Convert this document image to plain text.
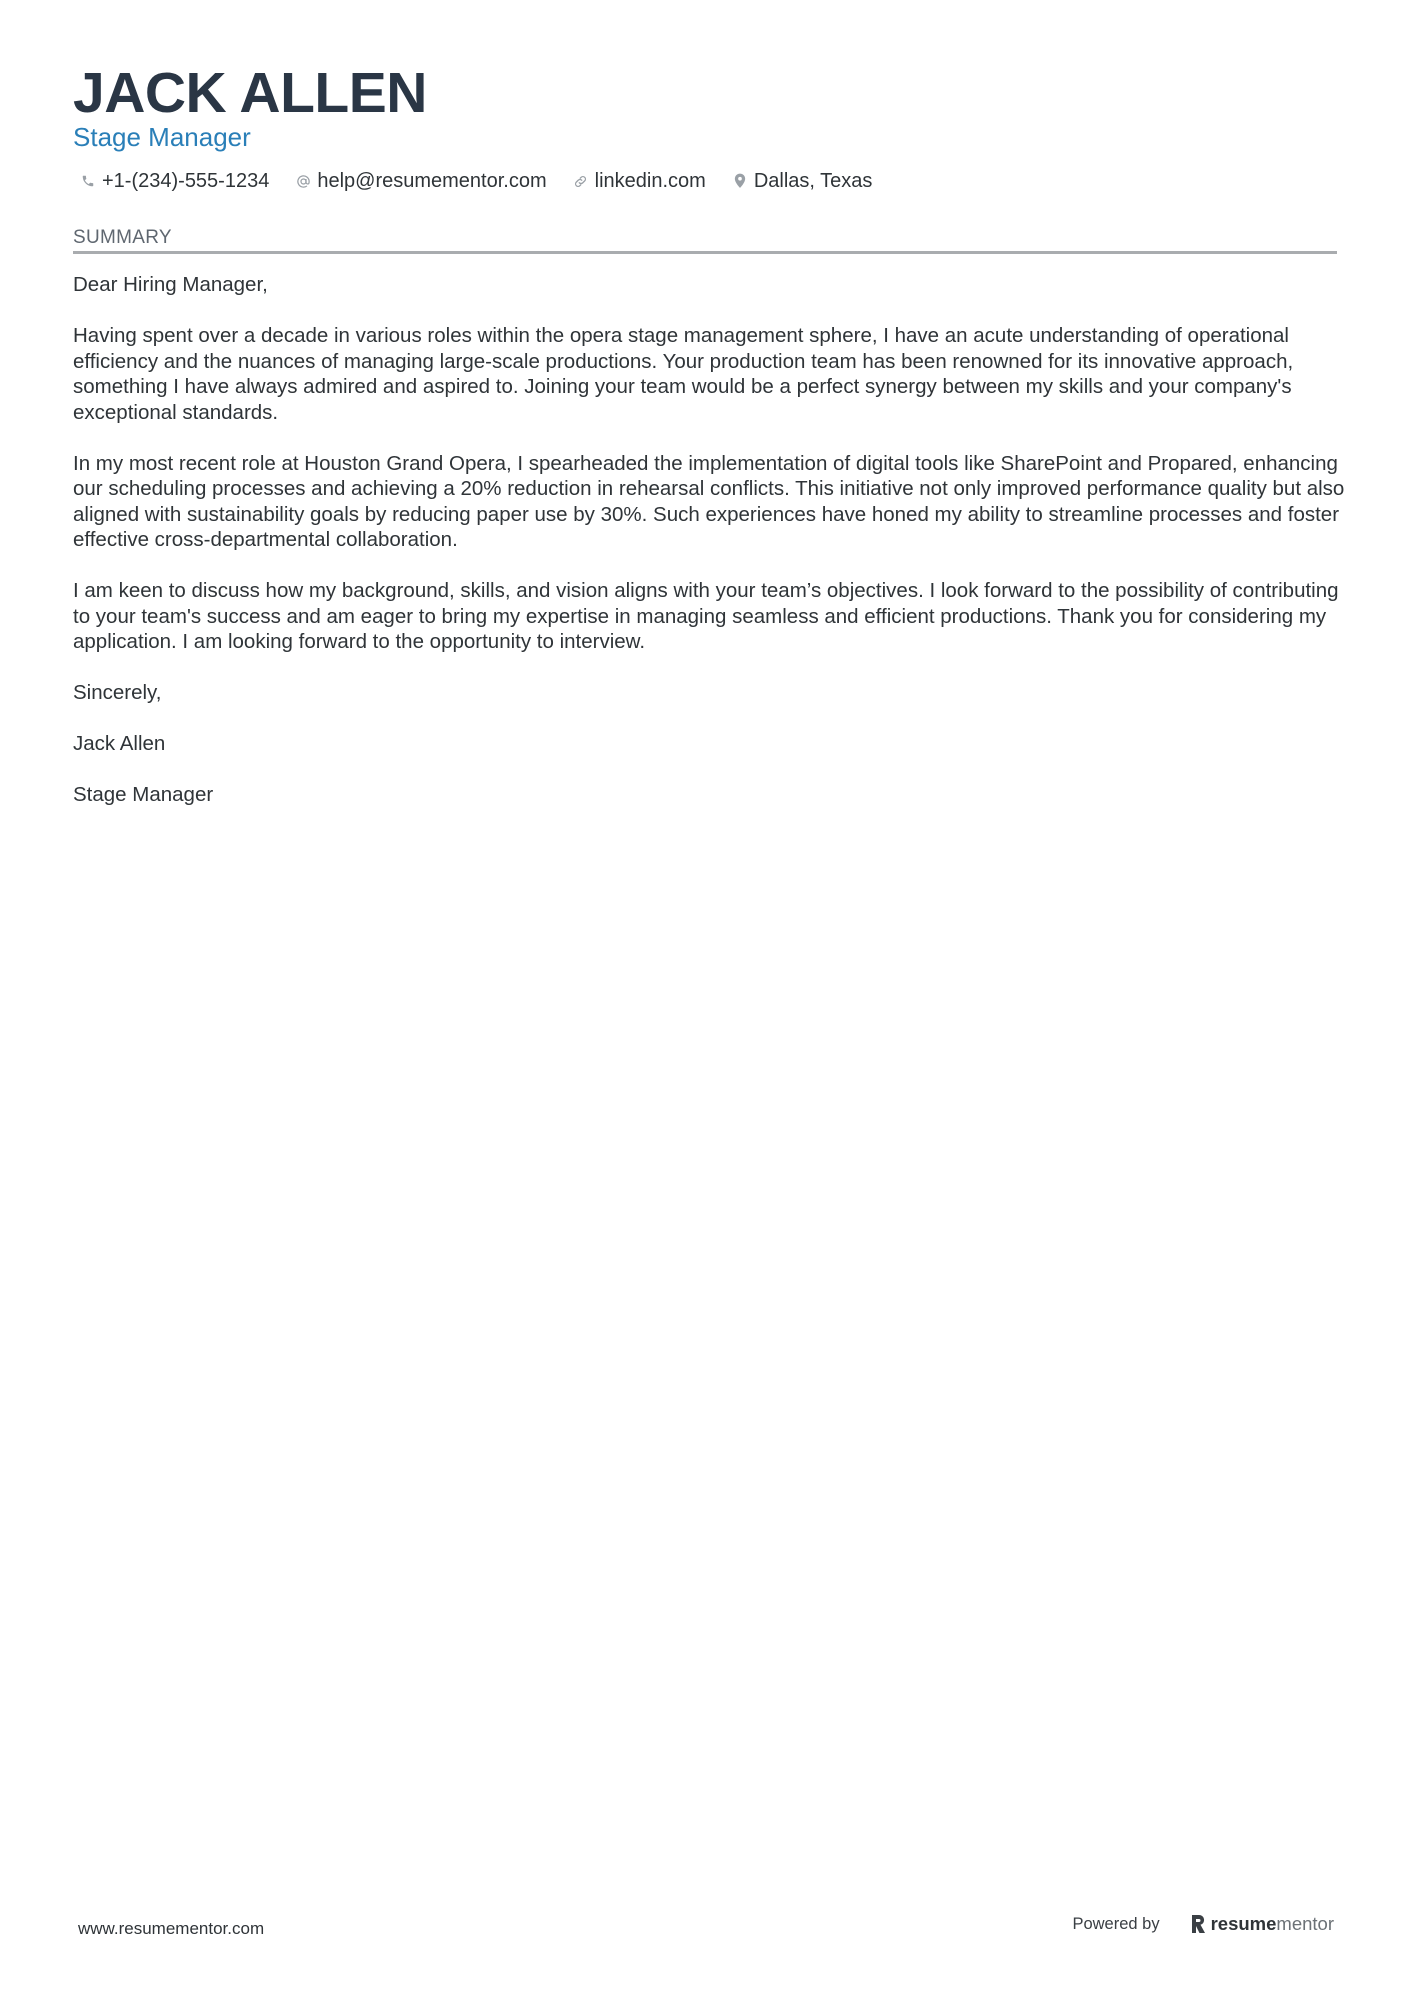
JACK ALLEN
Stage Manager
+1-(234)-555-1234 help@resumementor.com linkedin.com Dallas, Texas
SUMMARY

Dear Hiring Manager,

Having spent over a decade in various roles within the opera stage management sphere, I have an acute understanding of operational efficiency and the nuances of managing large-scale productions. Your production team has been renowned for its innovative approach, something I have always admired and aspired to. Joining your team would be a perfect synergy between my skills and your company's exceptional standards.

In my most recent role at Houston Grand Opera, I spearheaded the implementation of digital tools like SharePoint and Propared, enhancing our scheduling processes and achieving a 20% reduction in rehearsal conflicts. This initiative not only improved performance quality but also aligned with sustainability goals by reducing paper use by 30%. Such experiences have honed my ability to streamline processes and foster effective cross-departmental collaboration.

I am keen to discuss how my background, skills, and vision aligns with your team’s objectives. I look forward to the possibility of contributing to your team's success and am eager to bring my expertise in managing seamless and efficient productions. Thank you for considering my application. I am looking forward to the opportunity to interview.

Sincerely,

Jack Allen

Stage Manager

www.resumementor.com	Powered by	resume mentor
